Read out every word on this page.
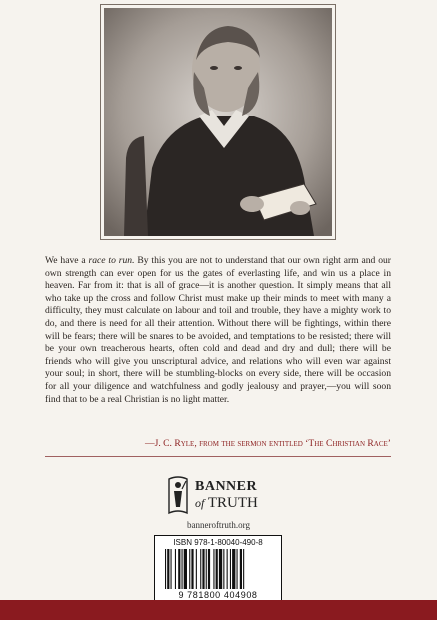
We have a race to run. By this you are not to understand that our own right arm and our own strength can ever open for us the gates of everlasting life, and win us a place in heaven. Far from it: that is all of grace—it is another question. It simply means that all who take up the cross and follow Christ must make up their minds to meet with many a difficulty, they must calculate on labour and toil and trouble, they have a mighty work to do, and there is need for all their attention. Without there will be fightings, within there will be fears; there will be snares to be avoided, and temptations to be resisted; there will be your own treacherous hearts, often cold and dead and dry and dull; there will be friends who will give you unscriptural advice, and relations who will even war against your soul; in short, there will be stumbling-blocks on every side, there will be occasion for all your diligence and watchfulness and godly jealousy and prayer,—you will soon find that to be a real Christian is no light matter.

—J. C. Ryle, from the sermon entitled ‘The Christian Race’
BANNER
of TRUTH
banneroftruth.org
ISBN 978-1-80040-490-8
9 781800 404908
